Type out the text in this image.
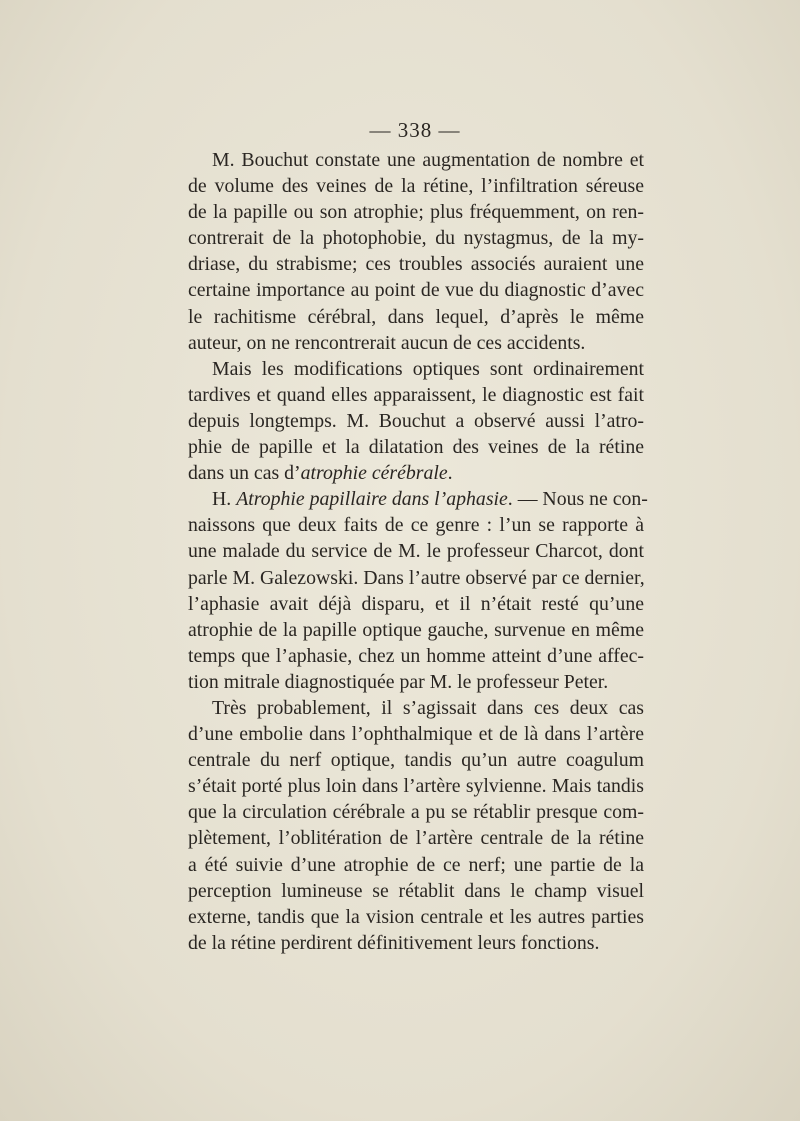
— 338 —
M. Bouchut constate une augmentation de nombre et
de volume des veines de la rétine, l’infiltration séreuse
de la papille ou son atrophie; plus fréquemment, on ren-
contrerait de la photophobie, du nystagmus, de la my-
driase, du strabisme; ces troubles associés auraient une
certaine importance au point de vue du diagnostic d’avec
le rachitisme cérébral, dans lequel, d’après le même
auteur, on ne rencontrerait aucun de ces accidents.
Mais les modifications optiques sont ordinairement
tardives et quand elles apparaissent, le diagnostic est fait
depuis longtemps. M. Bouchut a observé aussi l’atro-
phie de papille et la dilatation des veines de la rétine
dans un cas d’atrophie cérébrale.
H. Atrophie papillaire dans l’aphasie. — Nous ne con-
naissons que deux faits de ce genre : l’un se rapporte à
une malade du service de M. le professeur Charcot, dont
parle M. Galezowski. Dans l’autre observé par ce dernier,
l’aphasie avait déjà disparu, et il n’était resté qu’une
atrophie de la papille optique gauche, survenue en même
temps que l’aphasie, chez un homme atteint d’une affec-
tion mitrale diagnostiquée par M. le professeur Peter.
Très probablement, il s’agissait dans ces deux cas
d’une embolie dans l’ophthalmique et de là dans l’artère
centrale du nerf optique, tandis qu’un autre coagulum
s’était porté plus loin dans l’artère sylvienne. Mais tandis
que la circulation cérébrale a pu se rétablir presque com-
plètement, l’oblitération de l’artère centrale de la rétine
a été suivie d’une atrophie de ce nerf; une partie de la
perception lumineuse se rétablit dans le champ visuel
externe, tandis que la vision centrale et les autres parties
de la rétine perdirent définitivement leurs fonctions.
